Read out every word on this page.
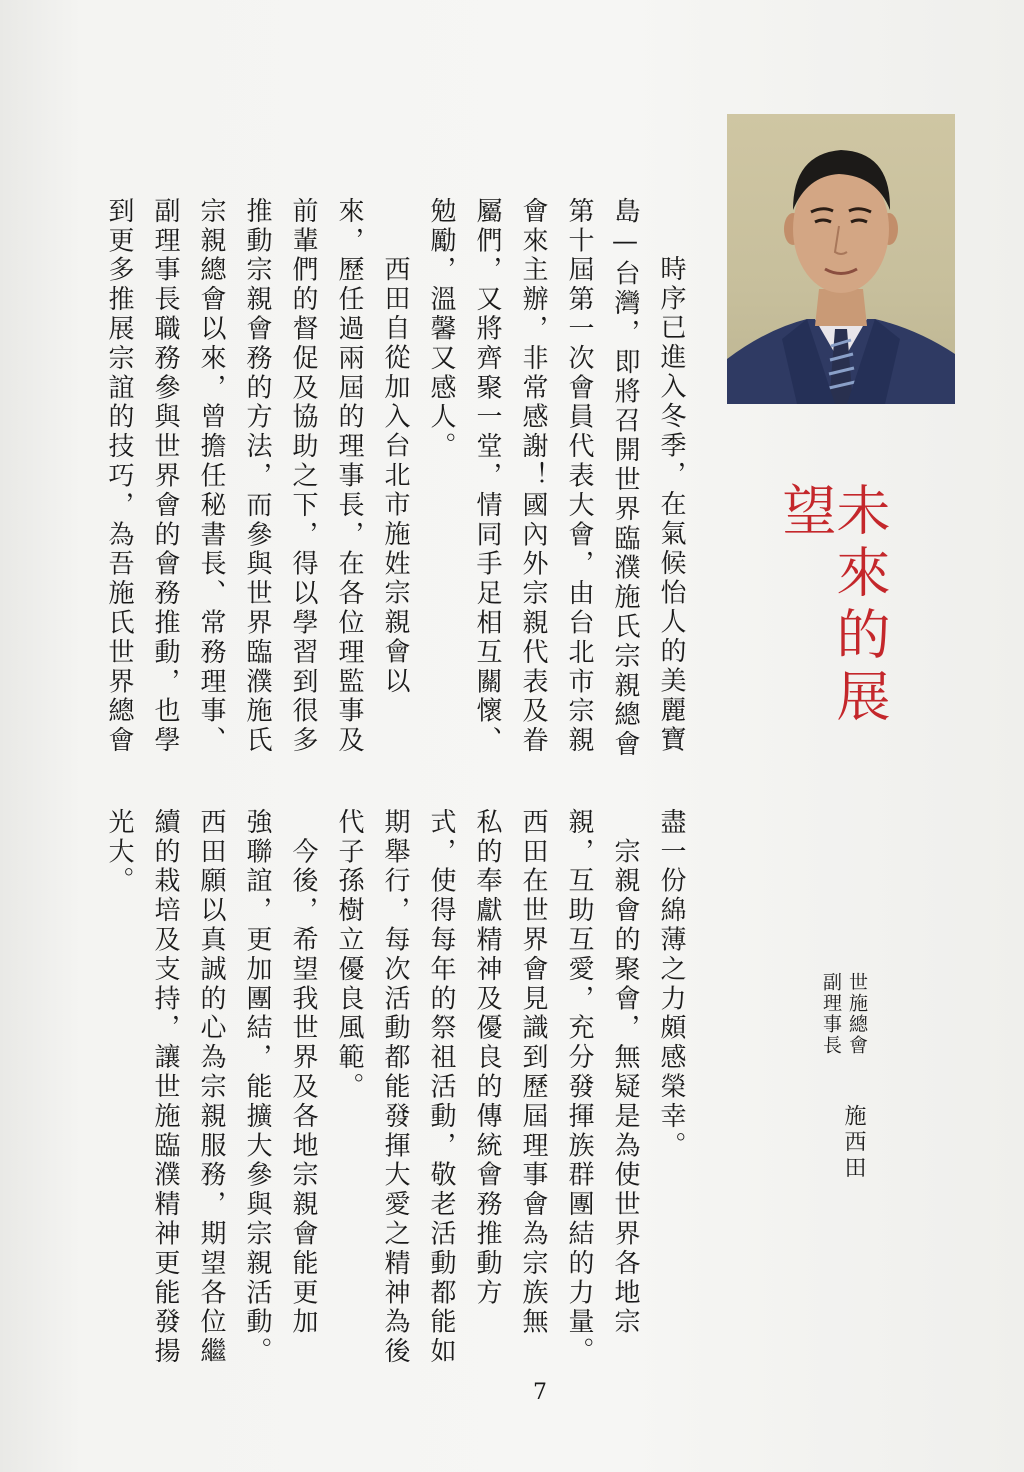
未來的展望
世施總會
副理事長
施西田
時序已進入冬季，在氣候怡人的美麗寶
島—台灣，即將召開世界臨濮施氏宗親總會
第十屆第一次會員代表大會，由台北市宗親
會來主辦，非常感謝！國內外宗親代表及眷
屬們，又將齊聚一堂，情同手足相互關懷、
勉勵，溫馨又感人。
　西田自從加入台北市施姓宗親會以
來，歷任過兩屆的理事長，在各位理監事及
前輩們的督促及協助之下，得以學習到很多
推動宗親會務的方法，而參與世界臨濮施氏
宗親總會以來，曾擔任秘書長、常務理事、
副理事長職務參與世界會的會務推動，也學
到更多推展宗誼的技巧，為吾施氏世界總會
盡一份綿薄之力頗感榮幸。
　宗親會的聚會，無疑是為使世界各地宗
親，互助互愛，充分發揮族群團結的力量。
西田在世界會見識到歷屆理事會為宗族無
私的奉獻精神及優良的傳統會務推動方
式，使得每年的祭祖活動，敬老活動都能如
期舉行，每次活動都能發揮大愛之精神為後
代子孫樹立優良風範。
　今後，希望我世界及各地宗親會能更加
強聯誼，更加團結，能擴大參與宗親活動。
西田願以真誠的心為宗親服務，期望各位繼
續的栽培及支持，讓世施臨濮精神更能發揚
光大。
7
